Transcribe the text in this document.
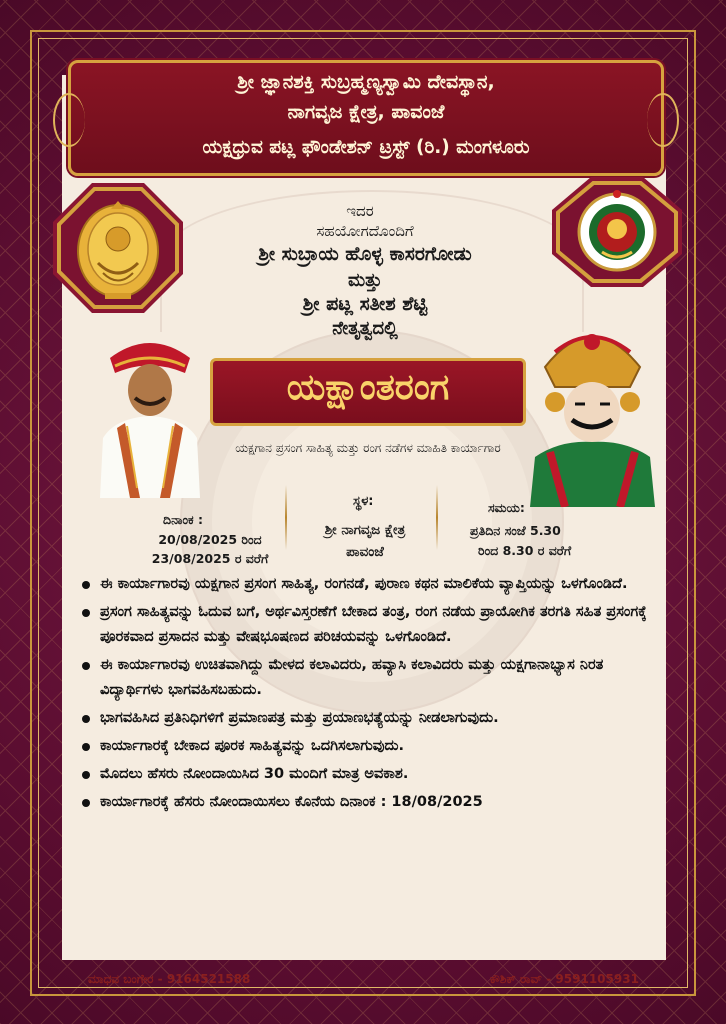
ಶ್ರೀ ಜ್ಞಾನಶಕ್ತಿ ಸುಬ್ರಹ್ಮಣ್ಯಸ್ವಾಮಿ ದೇವಸ್ಥಾನ,
ನಾಗವೃಜ ಕ್ಷೇತ್ರ, ಪಾವಂಜೆ
ಯಕ್ಷಧ್ರುವ ಪಟ್ಲ ಫೌಂಡೇಶನ್ ಟ್ರಸ್ಟ್ (ರಿ.) ಮಂಗಳೂರು
ಇದರ
ಸಹಯೋಗದೊಂದಿಗೆ
ಶ್ರೀ ಸುಬ್ರಾಯ ಹೊಳ್ಳ ಕಾಸರಗೋಡು
ಮತ್ತು
ಶ್ರೀ ಪಟ್ಲ ಸತೀಶ ಶೆಟ್ಟಿ
ನೇತೃತ್ವದಲ್ಲಿ
ಯಕ್ಷಾಂತರಂಗ
ಯಕ್ಷಗಾನ ಪ್ರಸಂಗ ಸಾಹಿತ್ಯ ಮತ್ತು ರಂಗ ನಡೆಗಳ ಮಾಹಿತಿ ಕಾರ್ಯಾಗಾರ
ದಿನಾಂಕ :
20/08/2025 ರಿಂದ
23/08/2025 ರ ವರೆಗೆ
ಸ್ಥಳ:
ಶ್ರೀ ನಾಗವೃಜ ಕ್ಷೇತ್ರ
ಪಾವಂಜೆ
ಸಮಯ:
ಪ್ರತಿದಿನ ಸಂಜೆ 5.30
ರಿಂದ 8.30 ರ ವರೆಗೆ
ಈ ಕಾರ್ಯಾಗಾರವು ಯಕ್ಷಗಾನ ಪ್ರಸಂಗ ಸಾಹಿತ್ಯ, ರಂಗನಡೆ, ಪುರಾಣ ಕಥನ ಮಾಲಿಕೆಯ ವ್ಯಾಪ್ತಿಯನ್ನು ಒಳಗೊಂಡಿದೆ.
ಪ್ರಸಂಗ ಸಾಹಿತ್ಯವನ್ನು ಓದುವ ಬಗೆ, ಅರ್ಥವಿಸ್ತರಣೆಗೆ ಬೇಕಾದ ತಂತ್ರ, ರಂಗ ನಡೆಯ ಪ್ರಾಯೋಗಿಕ ತರಗತಿ ಸಹಿತ ಪ್ರಸಂಗಕ್ಕೆ ಪೂರಕವಾದ ಪ್ರಸಾದನ ಮತ್ತು ವೇಷಭೂಷಣದ ಪರಿಚಯವನ್ನು ಒಳಗೊಂಡಿದೆ.
ಈ ಕಾರ್ಯಾಗಾರವು ಉಚಿತವಾಗಿದ್ದು ಮೇಳದ ಕಲಾವಿದರು, ಹವ್ಯಾಸಿ ಕಲಾವಿದರು ಮತ್ತು ಯಕ್ಷಗಾನಾಭ್ಯಾಸ ನಿರತ ವಿದ್ಯಾರ್ಥಿಗಳು ಭಾಗವಹಿಸಬಹುದು.
ಭಾಗವಹಿಸಿದ ಪ್ರತಿನಿಧಿಗಳಿಗೆ ಪ್ರಮಾಣಪತ್ರ ಮತ್ತು ಪ್ರಯಾಣಭತ್ಯೆಯನ್ನು ನೀಡಲಾಗುವುದು.
ಕಾರ್ಯಾಗಾರಕ್ಕೆ ಬೇಕಾದ ಪೂರಕ ಸಾಹಿತ್ಯವನ್ನು ಒದಗಿಸಲಾಗುವುದು.
ಮೊದಲು ಹೆಸರು ನೋಂದಾಯಿಸಿದ 30 ಮಂದಿಗೆ ಮಾತ್ರ ಅವಕಾಶ.
ಕಾರ್ಯಾಗಾರಕ್ಕೆ ಹೆಸರು ನೋಂದಾಯಿಸಲು ಕೊನೆಯ ದಿನಾಂಕ : 18/08/2025
ಮಾಧವ ಬಂಗೇರ - 9164521588	ಕೌಶಿಕ್ ರಾವ್ - 9591105931
